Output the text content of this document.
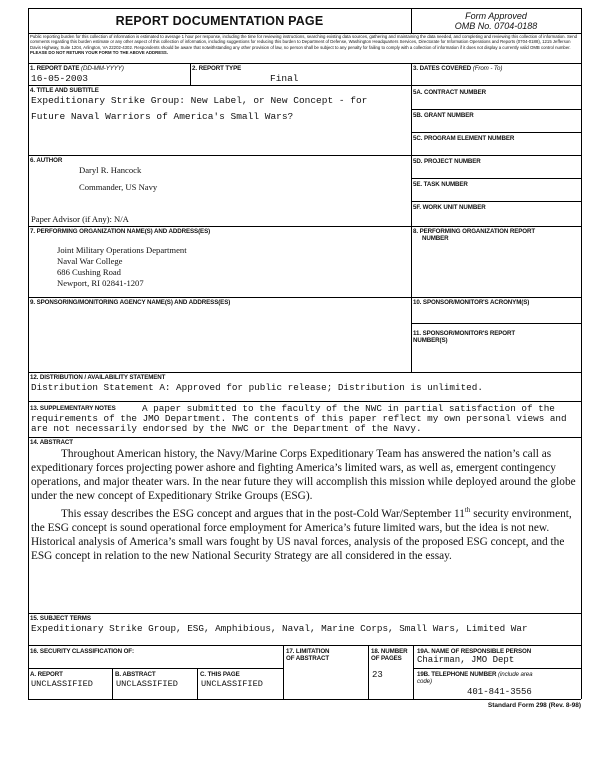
REPORT DOCUMENTATION PAGE	Form Approved
OMB No. 0704-0188
Public reporting burden for this collection of information is estimated to average 1 hour per response, including the time for reviewing instructions, searching existing data sources, gathering and maintaining the data needed, and completing and reviewing this collection of information. Send comments regarding this burden estimate or any other aspect of this collection of information, including suggestions for reducing this burden to Department of Defense, Washington Headquarters Services, Directorate for Information Operations and Reports (0704-0188), 1215 Jefferson Davis Highway, Suite 1204, Arlington, VA 22202-4302. Respondents should be aware that notwithstanding any other provision of law, no person shall be subject to any penalty for failing to comply with a collection of information if it does not display a currently valid OMB control number. PLEASE DO NOT RETURN YOUR FORM TO THE ABOVE ADDRESS.
1. REPORT DATE (DD-MM-YYYY)
16-05-2003
2. REPORT TYPE
Final
3. DATES COVERED (From - To)
4. TITLE AND SUBTITLE
Expeditionary Strike Group: New Label, or New Concept - for
Future Naval Warriors of America's Small Wars?
5A. CONTRACT NUMBER
5B. GRANT NUMBER
5C. PROGRAM ELEMENT NUMBER
6. AUTHOR
Daryl R. Hancock
Commander, US Navy
Paper Advisor (if Any): N/A
5D. PROJECT NUMBER
5E. TASK NUMBER
5F. WORK UNIT NUMBER
7. PERFORMING ORGANIZATION NAME(S) AND ADDRESS(ES)
Joint Military Operations Department
Naval War College
686 Cushing Road
Newport, RI 02841-1207
8. PERFORMING ORGANIZATION REPORT
NUMBER
9. SPONSORING/MONITORING AGENCY NAME(S) AND ADDRESS(ES)	10. SPONSOR/MONITOR'S ACRONYM(S)
11. SPONSOR/MONITOR'S REPORT
NUMBER(S)
12. DISTRIBUTION / AVAILABILITY STATEMENT
Distribution Statement A: Approved for public release; Distribution is unlimited.
13. SUPPLEMENTARY NOTES	A paper submitted to the faculty of the NWC in partial satisfaction of the
requirements of the JMO Department. The contents of this paper reflect my own personal views and
are not necessarily endorsed by the NWC or the Department of the Navy.
14. ABSTRACT

Throughout American history, the Navy/Marine Corps Expeditionary Team has answered the nation’s call as expeditionary forces projecting power ashore and fighting America’s limited wars, as well as, emergent contingency operations, and major theater wars. In the near future they will accomplish this mission while deployed around the globe under the new concept of Expeditionary Strike Groups (ESG).

This essay describes the ESG concept and argues that in the post-Cold War/September 11th security environment, the ESG concept is sound operational force employment for America’s future limited wars, but the idea is not new. Historical analysis of America’s small wars fought by US naval forces, analysis of the proposed ESG concept, and the ESG concept in relation to the new National Security Strategy are all considered in the essay.

15. SUBJECT TERMS
Expeditionary Strike Group, ESG, Amphibious, Naval, Marine Corps, Small Wars, Limited War
16. SECURITY CLASSIFICATION OF:	17. LIMITATION
OF ABSTRACT
18. NUMBER
OF PAGES
23
19A. NAME OF RESPONSIBLE PERSON
Chairman, JMO Dept
A. REPORT
UNCLASSIFIED
B. ABSTRACT
UNCLASSIFIED
C. THIS PAGE
UNCLASSIFIED
19B. TELEPHONE NUMBER (include area
code)
401-841-3556
Standard Form 298 (Rev. 8-98)
